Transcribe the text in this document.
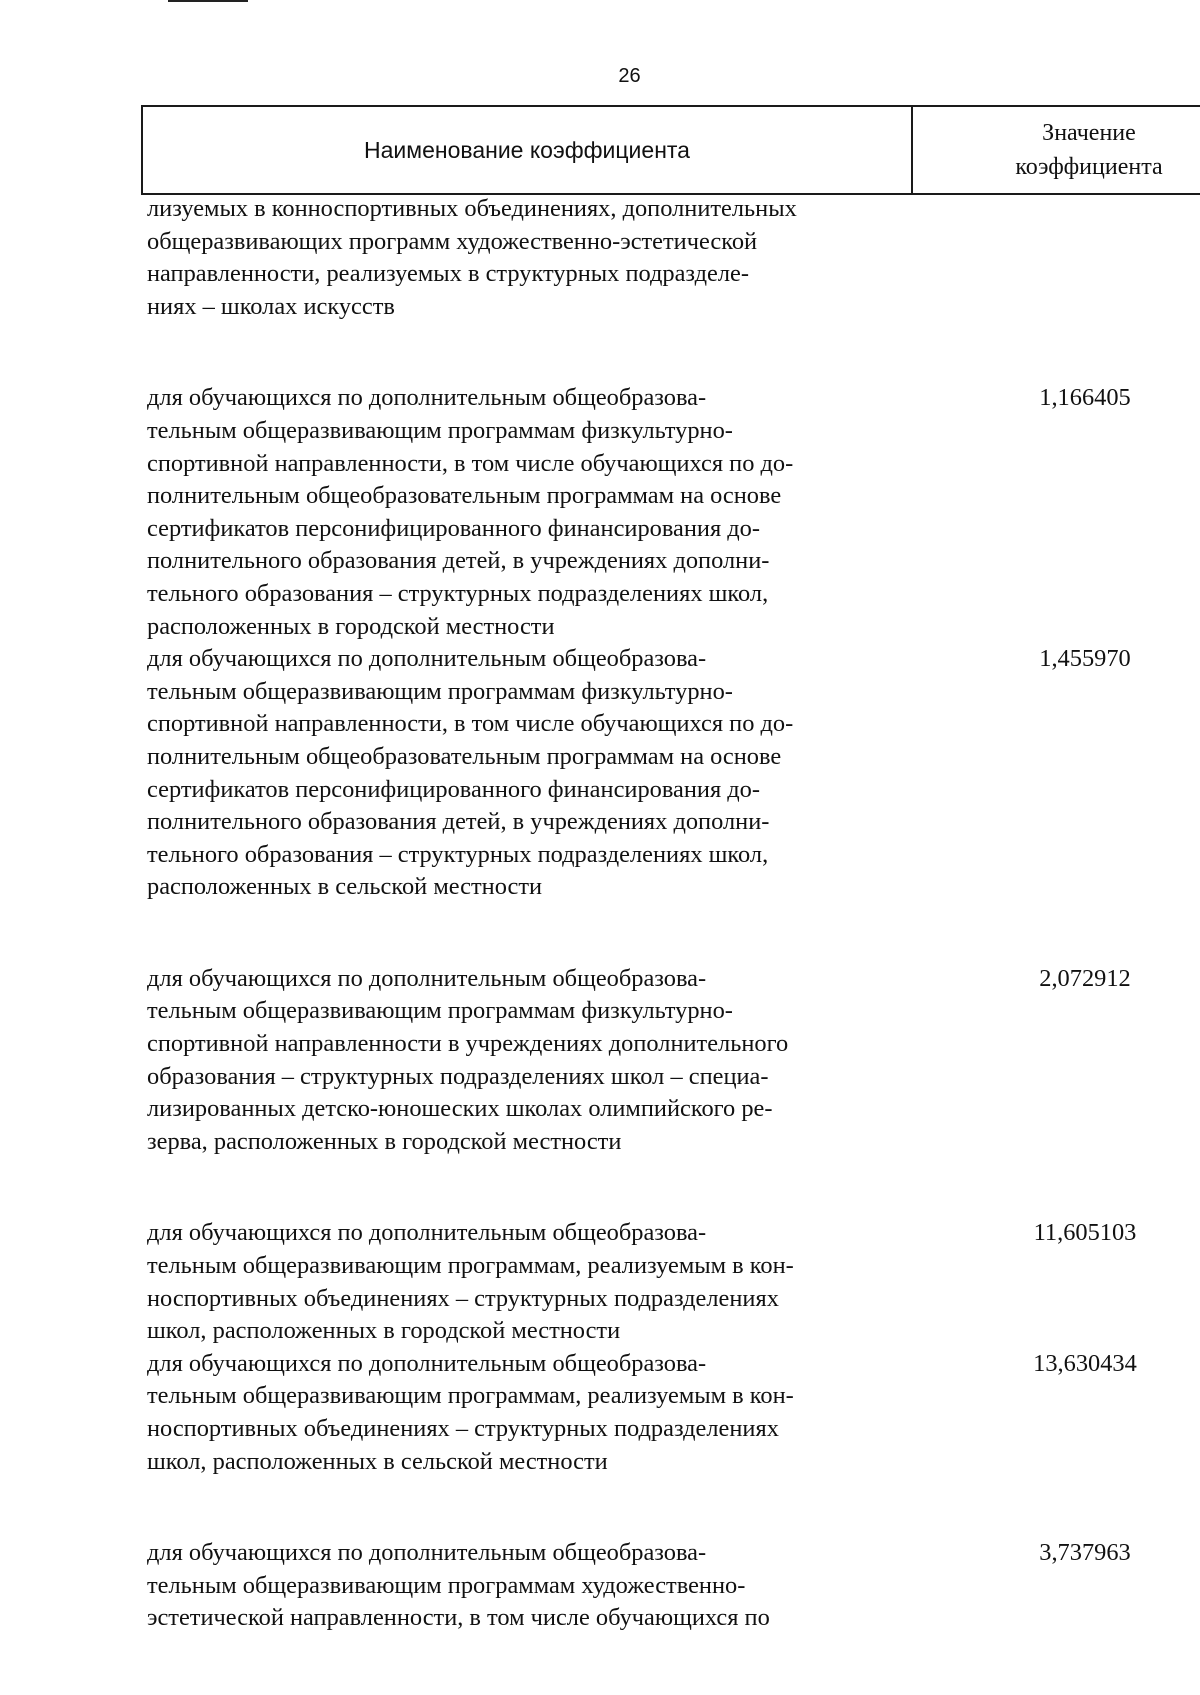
26
Наименование коэффициента
Значение
коэффициента
лизуемых в конноспортивных объединениях, дополнительных
общеразвивающих программ художественно-эстетической
направленности, реализуемых в структурных подразделе-
ниях – школах искусств
для обучающихся по дополнительным общеобразова-
тельным общеразвивающим программам физкультурно-
спортивной направленности, в том числе обучающихся по до-
полнительным общеобразовательным программам на основе
сертификатов персонифицированного финансирования до-
полнительного образования детей, в учреждениях дополни-
тельного образования – структурных подразделениях школ,
расположенных в городской местности
1,166405
для обучающихся по дополнительным общеобразова-
тельным общеразвивающим программам физкультурно-
спортивной направленности, в том числе обучающихся по до-
полнительным общеобразовательным программам на основе
сертификатов персонифицированного финансирования до-
полнительного образования детей, в учреждениях дополни-
тельного образования – структурных подразделениях школ,
расположенных в сельской местности
1,455970
для обучающихся по дополнительным общеобразова-
тельным общеразвивающим программам физкультурно-
спортивной направленности в учреждениях дополнительного
образования – структурных подразделениях школ – специа-
лизированных детско-юношеских школах олимпийского ре-
зерва, расположенных в городской местности
2,072912
для обучающихся по дополнительным общеобразова-
тельным общеразвивающим программам, реализуемым в кон-
носпортивных объединениях – структурных подразделениях
школ, расположенных в городской местности
11,605103
для обучающихся по дополнительным общеобразова-
тельным общеразвивающим программам, реализуемым в кон-
носпортивных объединениях – структурных подразделениях
школ, расположенных в сельской местности
13,630434
для обучающихся по дополнительным общеобразова-
тельным общеразвивающим программам художественно-
эстетической направленности, в том числе обучающихся по
3,737963
